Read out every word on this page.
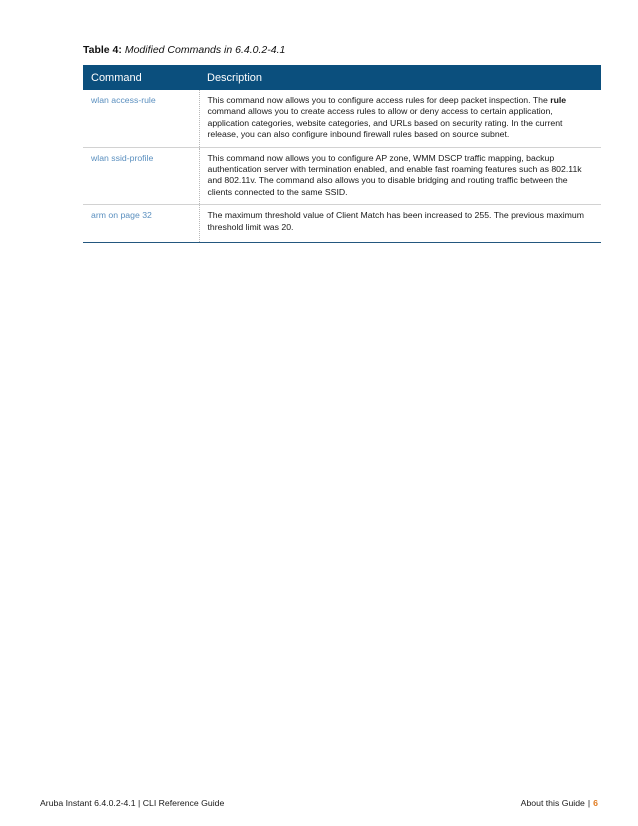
Table 4: Modified Commands in 6.4.0.2-4.1
Command	Description
wlan access-rule	This command now allows you to configure access rules for deep packet inspection. The rule command allows you to create access rules to allow or deny access to certain application, application categories, website categories, and URLs based on security rating. In the current release, you can also configure inbound firewall rules based on source subnet.
wlan ssid-profile	This command now allows you to configure AP zone, WMM DSCP traffic mapping, backup authentication server with termination enabled, and enable fast roaming features such as 802.11k and 802.11v. The command also allows you to disable bridging and routing traffic between the clients connected to the same SSID.
arm on page 32	The maximum threshold value of Client Match has been increased to 255. The previous maximum threshold limit was 20.
Aruba Instant 6.4.0.2-4.1 | CLI Reference Guide	About this Guide | 6
